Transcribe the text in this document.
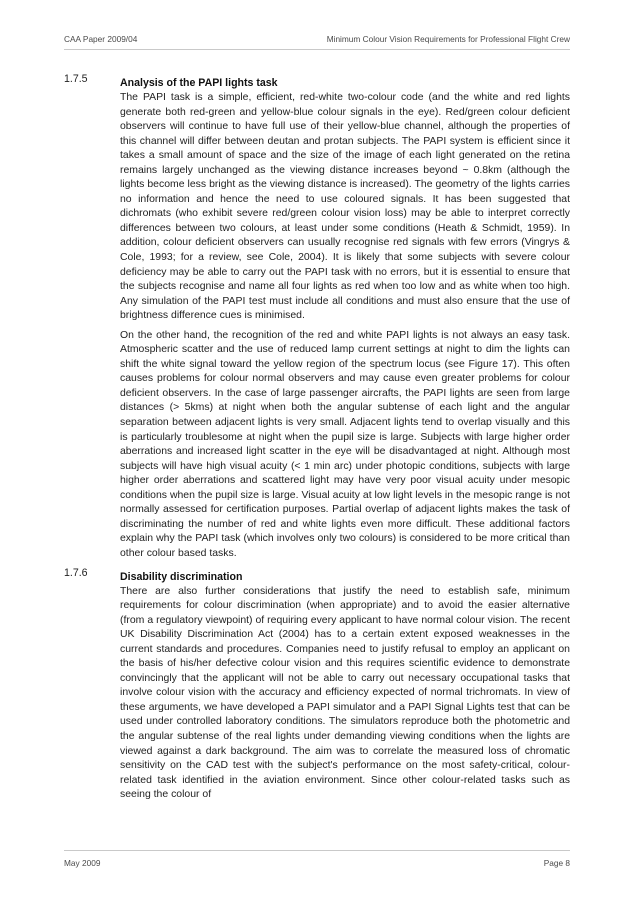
CAA Paper 2009/04	Minimum Colour Vision Requirements for Professional Flight Crew
1.7.5	Analysis of the PAPI lights task

The PAPI task is a simple, efficient, red-white two-colour code (and the white and red lights generate both red-green and yellow-blue colour signals in the eye). Red/green colour deficient observers will continue to have full use of their yellow-blue channel, although the properties of this channel will differ between deutan and protan subjects. The PAPI system is efficient since it takes a small amount of space and the size of the image of each light generated on the retina remains largely unchanged as the viewing distance increases beyond ~ 0.8km (although the lights become less bright as the viewing distance is increased). The geometry of the lights carries no information and hence the need to use coloured signals. It has been suggested that dichromats (who exhibit severe red/green colour vision loss) may be able to interpret correctly differences between two colours, at least under some conditions (Heath & Schmidt, 1959). In addition, colour deficient observers can usually recognise red signals with few errors (Vingrys & Cole, 1993; for a review, see Cole, 2004). It is likely that some subjects with severe colour deficiency may be able to carry out the PAPI task with no errors, but it is essential to ensure that the subjects recognise and name all four lights as red when too low and as white when too high. Any simulation of the PAPI test must include all conditions and must also ensure that the use of brightness difference cues is minimised.

On the other hand, the recognition of the red and white PAPI lights is not always an easy task. Atmospheric scatter and the use of reduced lamp current settings at night to dim the lights can shift the white signal toward the yellow region of the spectrum locus (see Figure 17). This often causes problems for colour normal observers and may cause even greater problems for colour deficient observers. In the case of large passenger aircrafts, the PAPI lights are seen from large distances (> 5kms) at night when both the angular subtense of each light and the angular separation between adjacent lights is very small. Adjacent lights tend to overlap visually and this is particularly troublesome at night when the pupil size is large. Subjects with large higher order aberrations and increased light scatter in the eye will be disadvantaged at night. Although most subjects will have high visual acuity (< 1 min arc) under photopic conditions, subjects with large higher order aberrations and scattered light may have very poor visual acuity under mesopic conditions when the pupil size is large. Visual acuity at low light levels in the mesopic range is not normally assessed for certification purposes. Partial overlap of adjacent lights makes the task of discriminating the number of red and white lights even more difficult. These additional factors explain why the PAPI task (which involves only two colours) is considered to be more critical than other colour based tasks.

1.7.6	Disability discrimination

There are also further considerations that justify the need to establish safe, minimum requirements for colour discrimination (when appropriate) and to avoid the easier alternative (from a regulatory viewpoint) of requiring every applicant to have normal colour vision. The recent UK Disability Discrimination Act (2004) has to a certain extent exposed weaknesses in the current standards and procedures. Companies need to justify refusal to employ an applicant on the basis of his/her defective colour vision and this requires scientific evidence to demonstrate convincingly that the applicant will not be able to carry out necessary occupational tasks that involve colour vision with the accuracy and efficiency expected of normal trichromats. In view of these arguments, we have developed a PAPI simulator and a PAPI Signal Lights test that can be used under controlled laboratory conditions. The simulators reproduce both the photometric and the angular subtense of the real lights under demanding viewing conditions when the lights are viewed against a dark background. The aim was to correlate the measured loss of chromatic sensitivity on the CAD test with the subject's performance on the most safety-critical, colour-related task identified in the aviation environment. Since other colour-related tasks such as seeing the colour of

May 2009	Page 8
